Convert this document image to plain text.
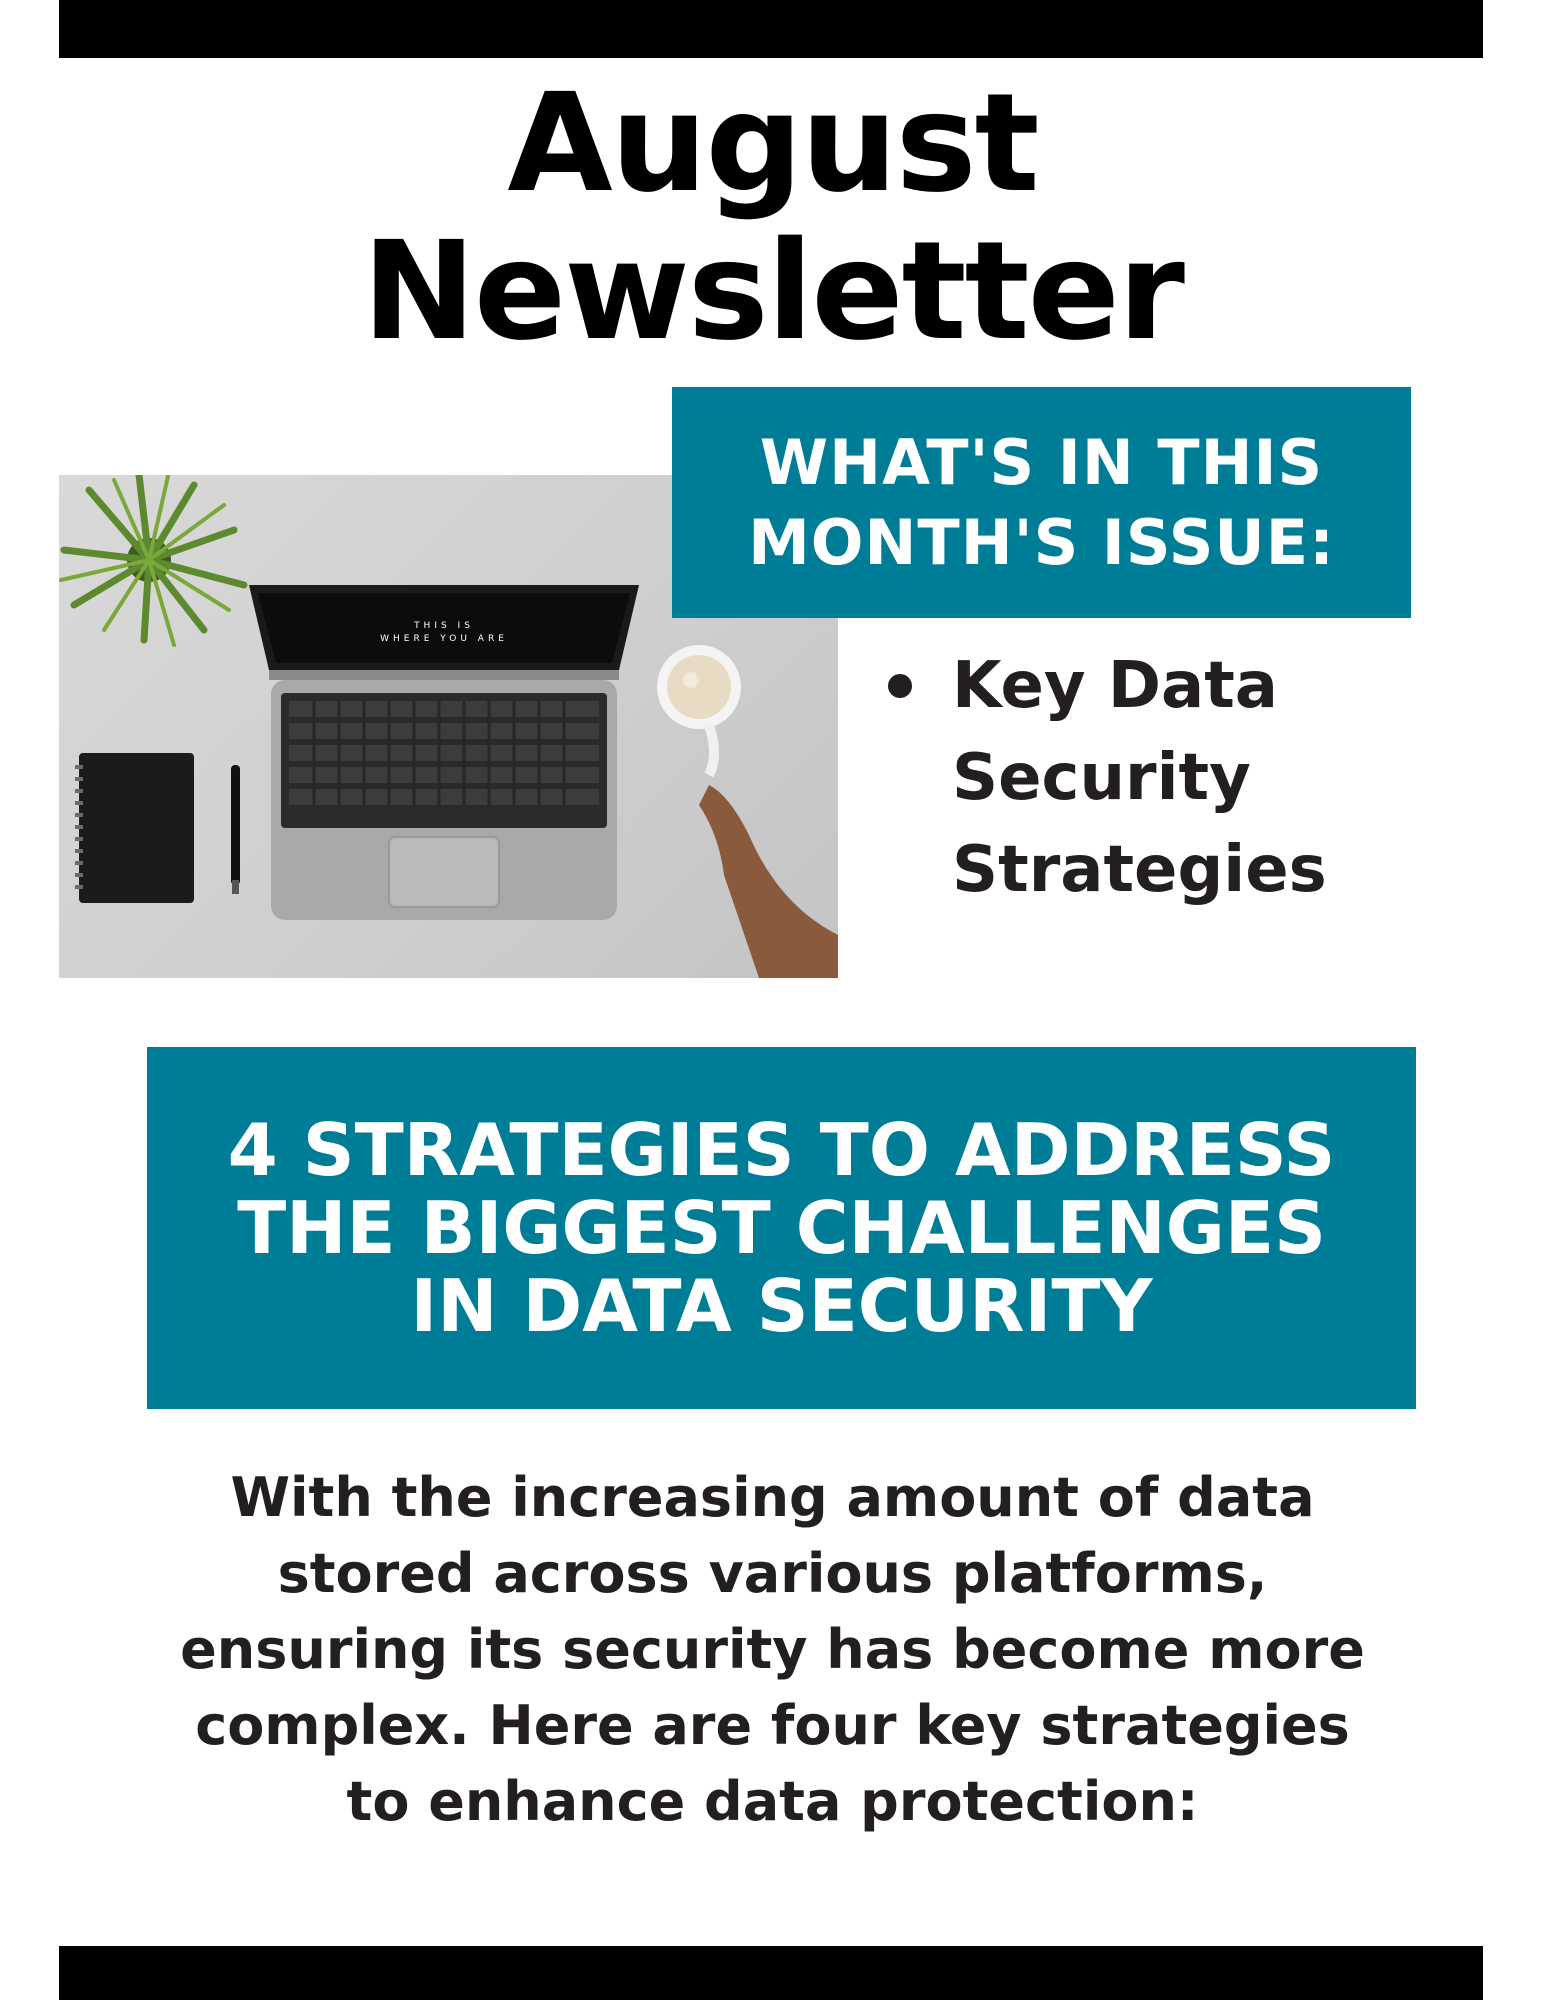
August
Newsletter
THIS IS
WHERE YOU ARE
WHAT'S IN THIS
MONTH'S ISSUE:
Key Data
Security
Strategies
4 STRATEGIES TO ADDRESS
THE BIGGEST CHALLENGES
IN DATA SECURITY

With the increasing amount of data
stored across various platforms,
ensuring its security has become more
complex. Here are four key strategies
to enhance data protection:
